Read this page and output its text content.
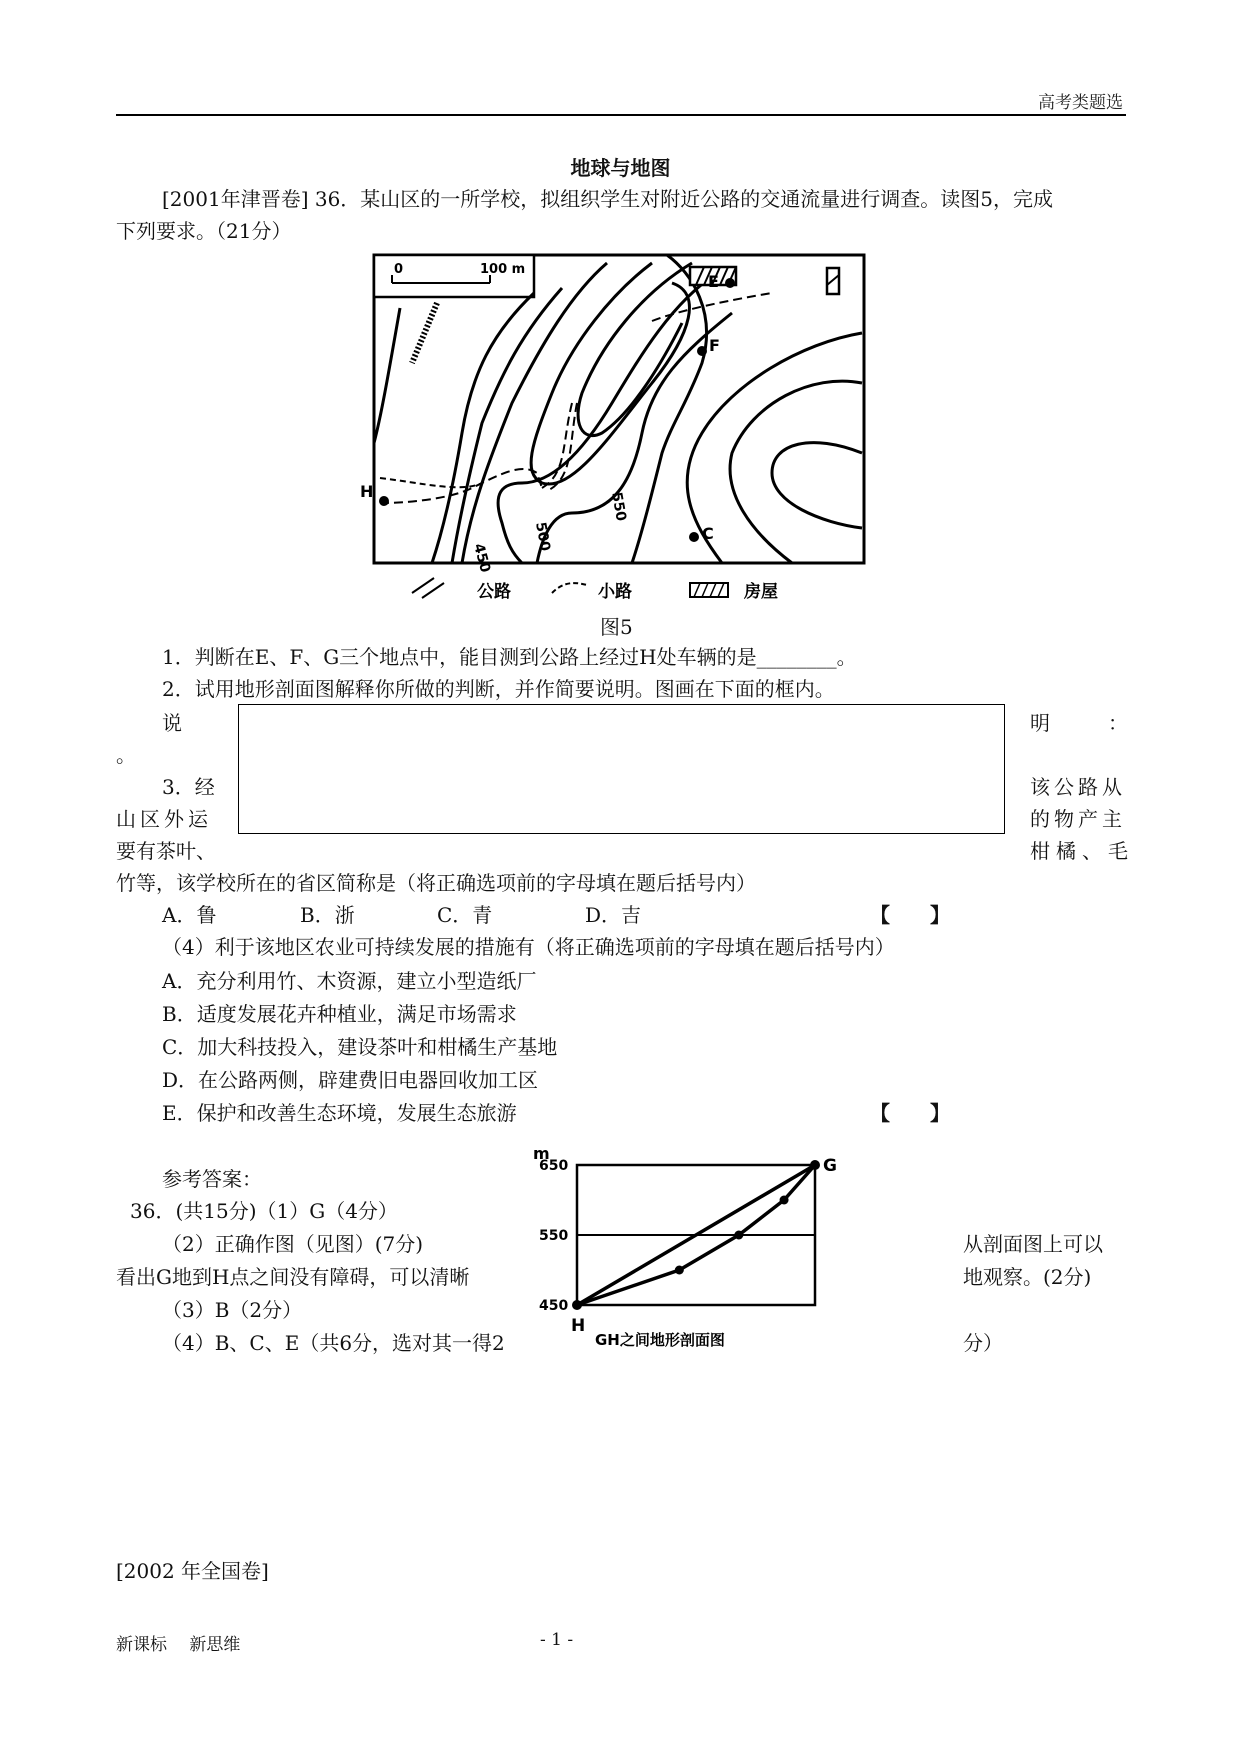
高考类题选
地球与地图
[2001年津晋卷] 36．某山区的一所学校，拟组织学生对附近公路的交通流量进行调查。读图5，完成
下列要求。（21分）
0	100 m
E
F
H
C
450
500
550
公路	小路	房屋
图5
1．判断在E、F、G三个地点中，能目测到公路上经过H处车辆的是________。
2．试用地形剖面图解释你所做的判断，并作简要说明。图画在下面的框内。
说	明	：
。
3．经	该公路从
山区外运	的物产主
要有茶叶、	柑橘、毛
竹等，该学校所在的省区简称是（将正确选项前的字母填在题后括号内）
A．鲁	B．浙	C．青	D．吉	【　　】
（4）利于该地区农业可持续发展的措施有（将正确选项前的字母填在题后括号内）
A．充分利用竹、木资源，建立小型造纸厂
B．适度发展花卉种植业，满足市场需求
C．加大科技投入，建设茶叶和柑橘生产基地
D．在公路两侧，辟建费旧电器回收加工区
E．保护和改善生态环境，发展生态旅游	【　　】
参考答案：
36．(共15分)（1）G（4分）
（2）正确作图（见图）(7分)	从剖面图上可以
看出G地到H点之间没有障碍，可以清晰	地观察。(2分)
（3）B（2分）
（4）B、C、E（共6分，选对其一得2	分）
450
550
650
H
G
m
GH之间地形剖面图
[2002 年全国卷]
新课标　 新思维	- 1 -
